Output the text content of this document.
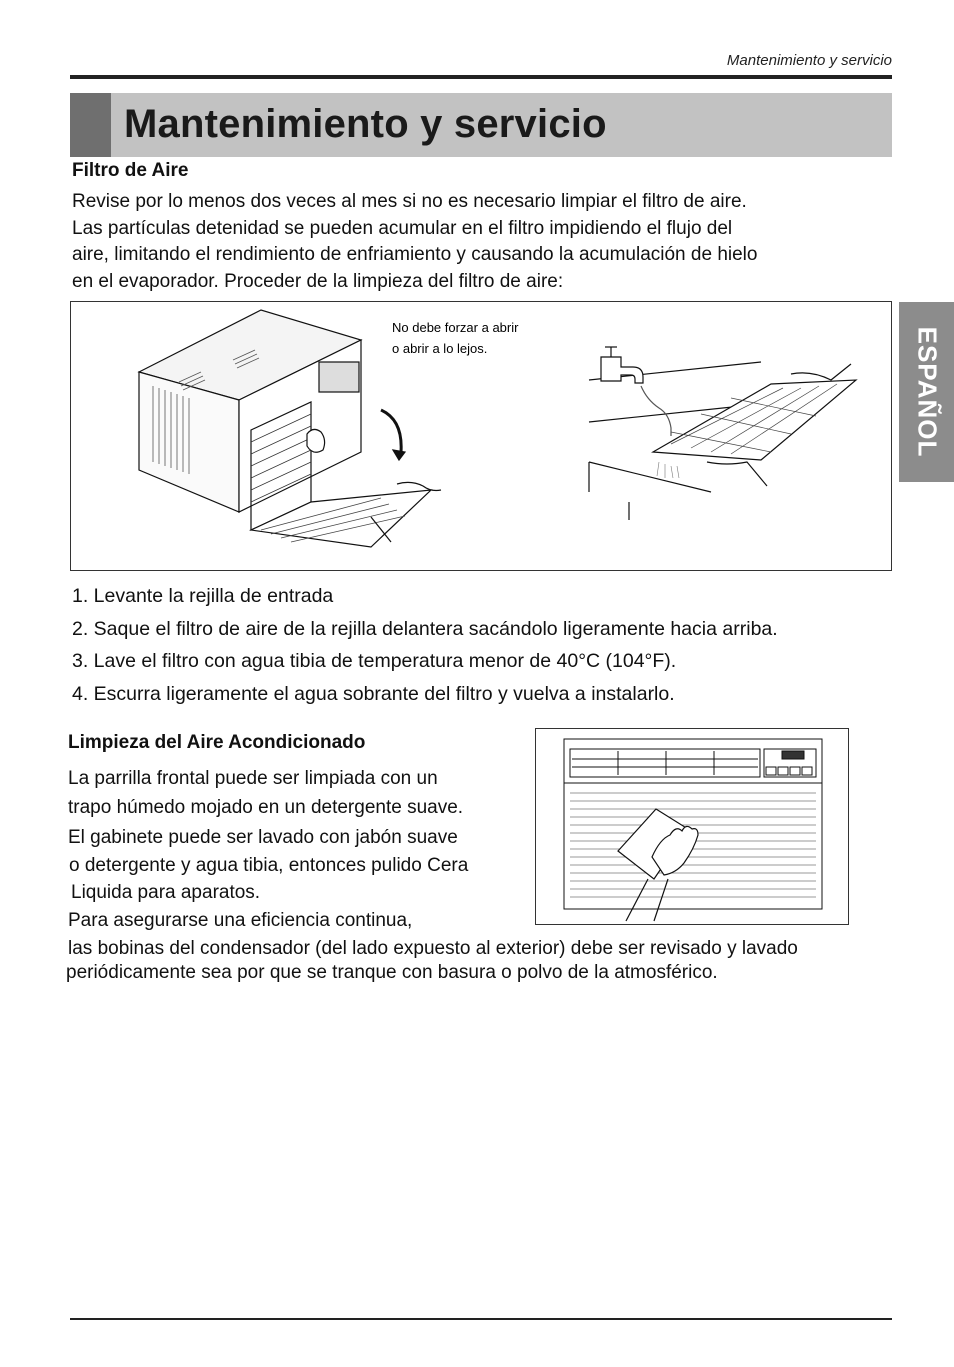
Mantenimiento y servicio
Mantenimiento y servicio
ESPAÑOL
Filtro de Aire
Revise por lo menos dos veces al mes si no es necesario limpiar el filtro de aire.
Las partículas detenidad se pueden acumular en el filtro impidiendo el flujo del
aire, limitando el rendimiento de enfriamiento y causando la acumulación de hielo
en el evaporador. Proceder de la limpieza del filtro de aire:
No debe forzar a abrir
o abrir a lo lejos.
1. Levante la rejilla de entrada
2. Saque el filtro de aire de la rejilla delantera sacándolo ligeramente hacia arriba.
3. Lave el filtro con agua tibia de temperatura menor de 40°C (104°F).
4. Escurra ligeramente el agua sobrante del filtro y vuelva a instalarlo.
Limpieza del Aire Acondicionado
La parrilla frontal puede ser limpiada con un
trapo húmedo mojado en un detergente suave.
El gabinete puede ser lavado con jabón suave
o detergente y agua tibia, entonces pulido Cera
Liquida para aparatos.
Para asegurarse una eficiencia continua,
las bobinas del condensador (del lado expuesto al exterior) debe ser revisado y lavado
periódicamente sea por que se tranque con basura o polvo de la atmosférico.
